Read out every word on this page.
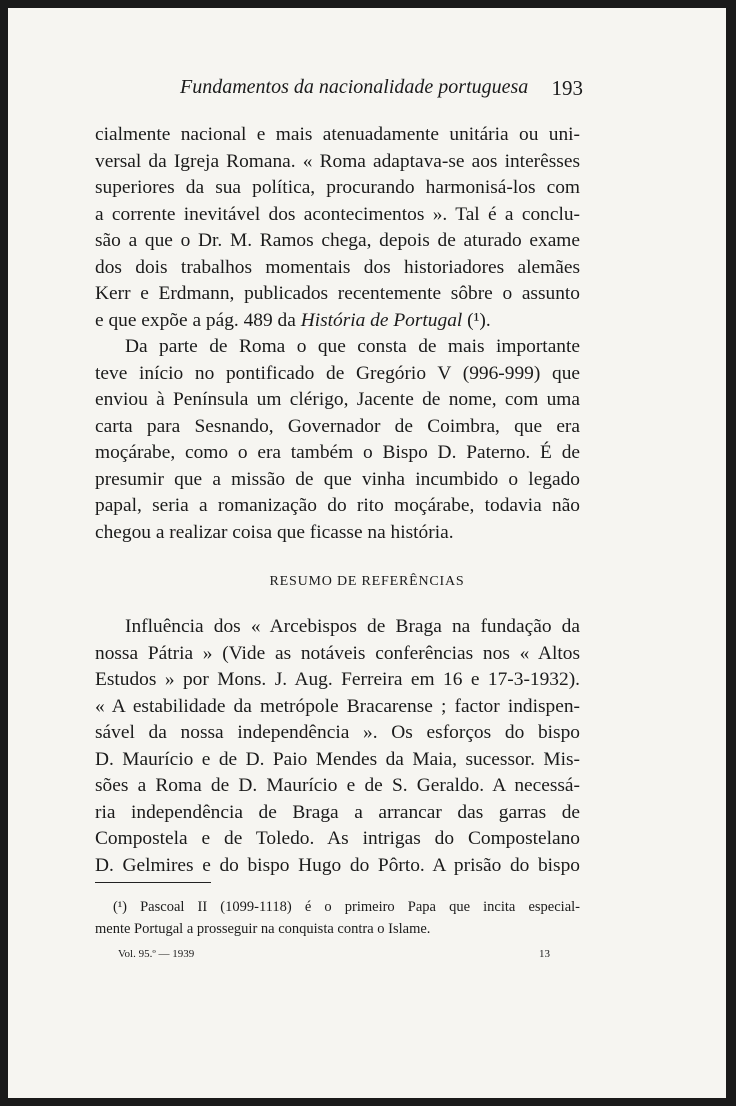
Fundamentos da nacionalidade portuguesa 193
cialmente nacional e mais atenuadamente unitária ou uni-
versal da Igreja Romana. « Roma adaptava-se aos interêsses
superiores da sua política, procurando harmonisá-los com
a corrente inevitável dos acontecimentos ». Tal é a conclu-
são a que o Dr. M. Ramos chega, depois de aturado exame
dos dois trabalhos momentais dos historiadores alemães
Kerr e Erdmann, publicados recentemente sôbre o assunto
e que expõe a pág. 489 da História de Portugal (¹).
Da parte de Roma o que consta de mais importante
teve início no pontificado de Gregório V (996-999) que
enviou à Península um clérigo, Jacente de nome, com uma
carta para Sesnando, Governador de Coimbra, que era
moçárabe, como o era também o Bispo D. Paterno. É de
presumir que a missão de que vinha incumbido o legado
papal, seria a romanização do rito moçárabe, todavia não
chegou a realizar coisa que ficasse na história.
RESUMO DE REFERÊNCIAS
Influência dos « Arcebispos de Braga na fundação da
nossa Pátria » (Vide as notáveis conferências nos « Altos
Estudos » por Mons. J. Aug. Ferreira em 16 e 17-3-1932).
« A estabilidade da metrópole Bracarense ; factor indispen-
sável da nossa independência ». Os esforços do bispo
D. Maurício e de D. Paio Mendes da Maia, sucessor. Mis-
sões a Roma de D. Maurício e de S. Geraldo. A necessá-
ria independência de Braga a arrancar das garras de
Compostela e de Toledo. As intrigas do Compostelano
D. Gelmires e do bispo Hugo do Pôrto. A prisão do bispo
(¹) Pascoal II (1099-1118) é o primeiro Papa que incita especial-
mente Portugal a prosseguir na conquista contra o Islame.
Vol. 95.º — 1939	13
